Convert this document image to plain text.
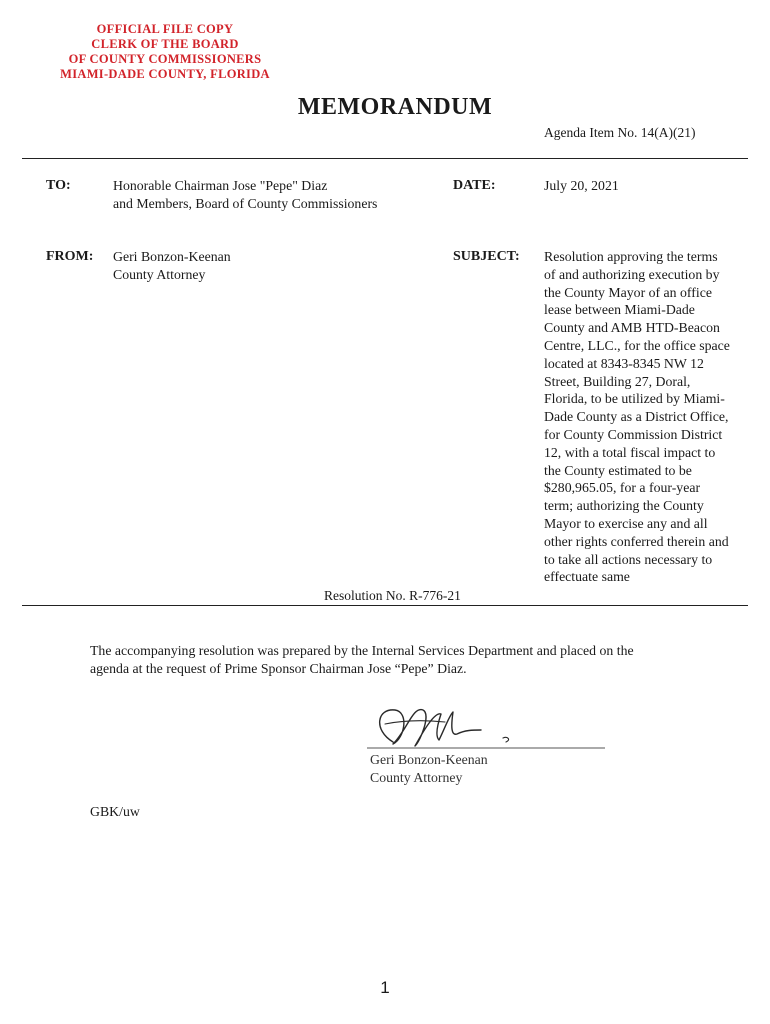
OFFICIAL FILE COPY
CLERK OF THE BOARD
OF COUNTY COMMISSIONERS
MIAMI-DADE COUNTY, FLORIDA
MEMORANDUM
Agenda Item No. 14(A)(21)
TO:	Honorable Chairman Jose "Pepe" Diaz
and Members, Board of County Commissioners
DATE:	July 20, 2021
FROM: Geri Bonzon-Keenan
County Attorney
SUBJECT: Resolution approving the terms
of and authorizing execution by
the County Mayor of an office
lease between Miami-Dade
County and AMB HTD-Beacon
Centre, LLC., for the office space
located at 8343-8345 NW 12
Street, Building 27, Doral,
Florida, to be utilized by Miami-
Dade County as a District Office,
for County Commission District
12, with a total fiscal impact to
the County estimated to be
$280,965.05, for a four-year
term; authorizing the County
Mayor to exercise any and all
other rights conferred therein and
to take all actions necessary to
effectuate same
Resolution No. R-776-21
The accompanying resolution was prepared by the Internal Services Department and placed on the
agenda at the request of Prime Sponsor Chairman Jose “Pepe” Diaz.
Geri Bonzon-Keenan
County Attorney
GBK/uw
1
